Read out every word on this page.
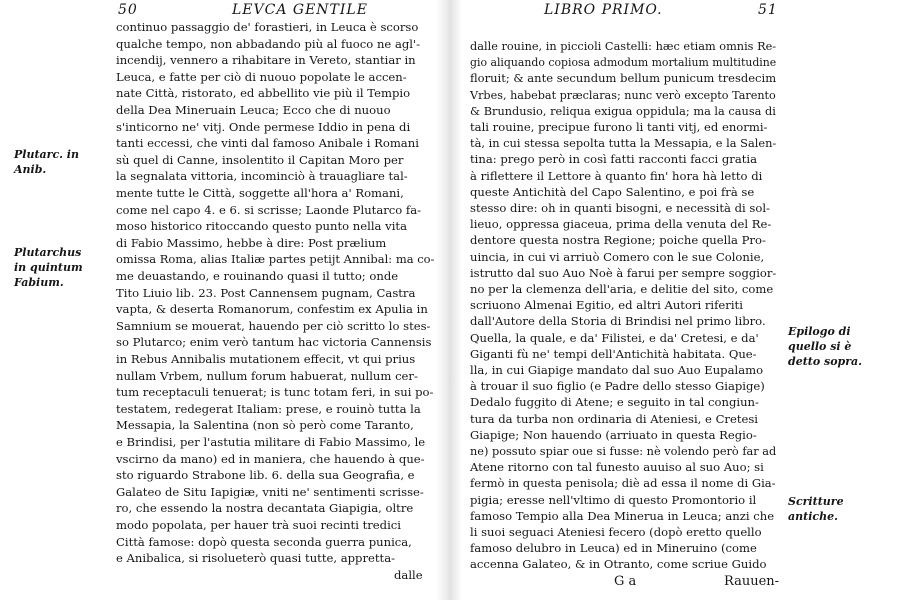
50	LEVCA GENTILE
Plutarc. in
Anib.
Plutarchus
in quintum
Fabium.
continuo passaggio de' forastieri, in Leuca è scorso
qualche tempo, non abbadando più al fuoco ne agl'-
incendij, vennero a rihabitare in Vereto, stantiar in
Leuca, e fatte per ciò di nuouo popolate le accen-
nate Città, ristorato, ed abbellito vie più il Tempio
della Dea Mineruain Leuca; Ecco che di nuouo
s'inticorno ne' vitj. Onde permese Iddio in pena di
tanti eccessi, che vinti dal famoso Anibale i Romani
sù quel di Canne, insolentito il Capitan Moro per
la segnalata vittoria, incominciò à trauagliare tal-
mente tutte le Città, soggette all'hora a' Romani,
come nel capo 4. e 6. si scrisse; Laonde Plutarco fa-
moso historico ritoccando questo punto nella vita
di Fabio Massimo, hebbe à dire: Post prælium
omissa Roma, alias Italiæ partes petijt Annibal: ma co-
me deuastando, e rouinando quasi il tutto; onde
Tito Liuio lib. 23. Post Cannensem pugnam, Castra
vapta, & deserta Romanorum, confestim ex Apulia in
Samnium se mouerat, hauendo per ciò scritto lo stes-
so Plutarco; enim verò tantum hac victoria Cannensis
in Rebus Annibalis mutationem effecit, vt qui prius
nullam Vrbem, nullum forum habuerat, nullum cer-
tum receptaculi tenuerat; is tunc totam feri, in sui po-
testatem, redegerat Italiam: prese, e rouinò tutta la
Messapia, la Salentina (non sò però come Taranto,
e Brindisi, per l'astutia militare di Fabio Massimo, le
vscirno da mano) ed in maniera, che hauendo à que-
sto riguardo Strabone lib. 6. della sua Geografia, e
Galateo de Situ Iapigiæ, vniti ne' sentimenti scrisse-
ro, che essendo la nostra decantata Giapigia, oltre
modo popolata, per hauer trà suoi recinti tredici
Città famose: dopò questa seconda guerra punica,
e Anibalica, si risolueterò quasi tutte, appretta-
dalle
LIBRO PRIMO.	51
dalle rouine, in piccioli Castelli: hæc etiam omnis Re-
gio aliquando copiosa admodum mortalium multitudine
floruit; & ante secundum bellum punicum tresdecim
Vrbes, habebat præclaras; nunc verò excepto Tarento
& Brundusio, reliqua exigua oppidula; ma la causa di
tali rouine, precipue furono li tanti vitj, ed enormi-
tà, in cui stessa sepolta tutta la Messapia, e la Salen-
tina: prego però in così fatti racconti facci gratia
à riflettere il Lettore à quanto fin' hora hà letto di
queste Antichità del Capo Salentino, e poi frà se
stesso dire: oh in quanti bisogni, e necessità di sol-
lieuo, oppressa giaceua, prima della venuta del Re-
dentore questa nostra Regione; poiche quella Pro-
uincia, in cui vi arriuò Comero con le sue Colonie,
istrutto dal suo Auo Noè à farui per sempre soggior-
no per la clemenza dell'aria, e delitie del sito, come
scriuono Almenai Egitio, ed altri Autori riferiti
dall'Autore della Storia di Brindisi nel primo libro.
Quella, la quale, e da' Filistei, e da' Cretesi, e da'
Giganti fù ne' tempi dell'Antichità habitata. Que-
lla, in cui Giapige mandato dal suo Auo Eupalamo
à trouar il suo figlio (e Padre dello stesso Giapige)
Dedalo fuggito di Atene; e seguito in tal congiun-
tura da turba non ordinaria di Ateniesi, e Cretesi
Giapige; Non hauendo (arriuato in questa Regio-
ne) possuto spiar oue si fusse: nè volendo però far ad
Atene ritorno con tal funesto auuiso al suo Auo; si
fermò in questa penisola; diè ad essa il nome di Gia-
pigia; eresse nell'vltimo di questo Promontorio il
famoso Tempio alla Dea Minerua in Leuca; anzi che
li suoi seguaci Ateniesi fecero (dopò eretto quello
famoso delubro in Leuca) ed in Mineruino (come
accenna Galateo, & in Otranto, come scriue Guido
Epilogo di
quello si è
detto sopra.
Scritture
antiche.
G a	Rauuen-
